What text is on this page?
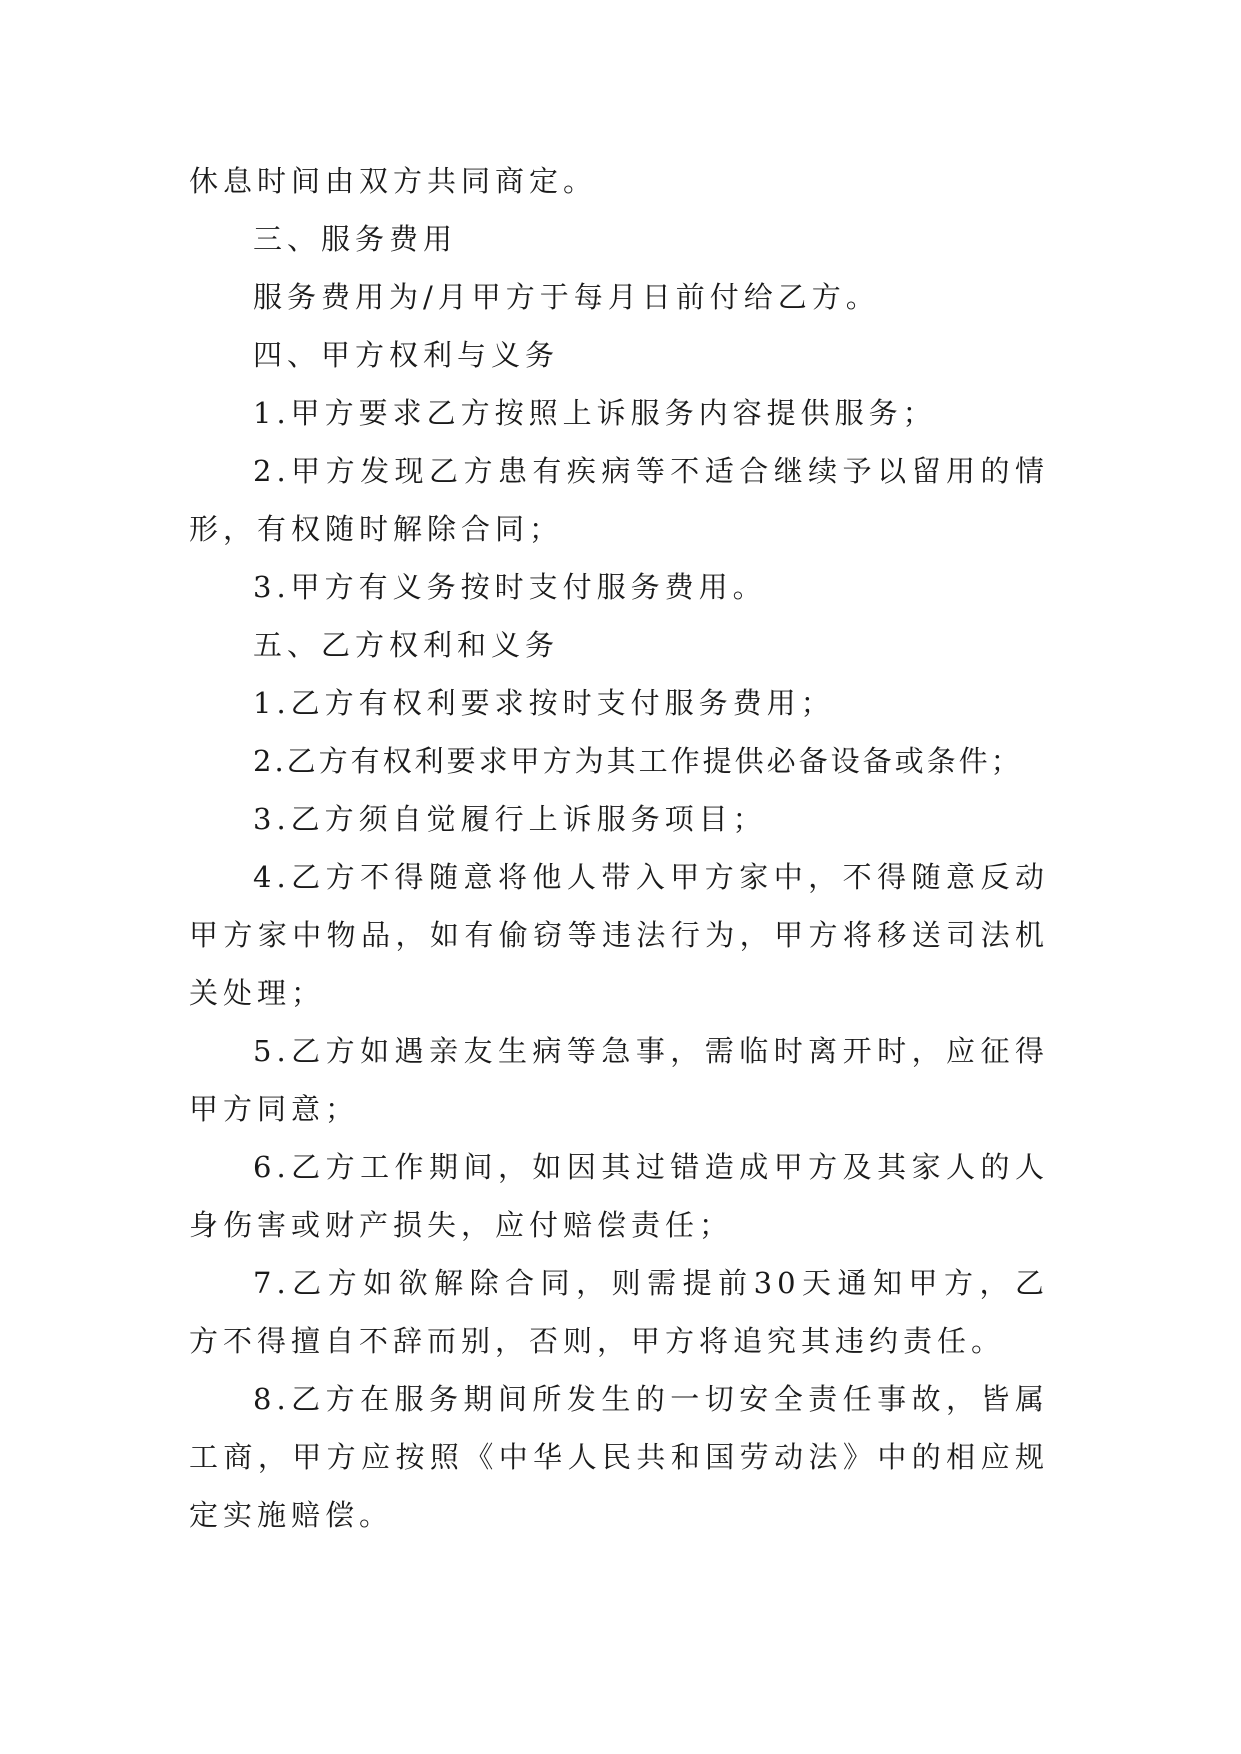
休息时间由双方共同商定。

三、服务费用

服务费用为/月甲方于每月日前付给乙方。

四、甲方权利与义务

1.甲方要求乙方按照上诉服务内容提供服务；

2.甲方发现乙方患有疾病等不适合继续予以留用的情形，有权随时解除合同；

3.甲方有义务按时支付服务费用。

五、乙方权利和义务

1.乙方有权利要求按时支付服务费用；

2.乙方有权利要求甲方为其工作提供必备设备或条件；

3.乙方须自觉履行上诉服务项目；

4.乙方不得随意将他人带入甲方家中，不得随意反动甲方家中物品，如有偷窃等违法行为，甲方将移送司法机关处理；

5.乙方如遇亲友生病等急事，需临时离开时，应征得甲方同意；

6.乙方工作期间，如因其过错造成甲方及其家人的人身伤害或财产损失，应付赔偿责任；

7.乙方如欲解除合同，则需提前30天通知甲方，乙方不得擅自不辞而别，否则，甲方将追究其违约责任。

8.乙方在服务期间所发生的一切安全责任事故，皆属工商，甲方应按照《中华人民共和国劳动法》中的相应规定实施赔偿。
